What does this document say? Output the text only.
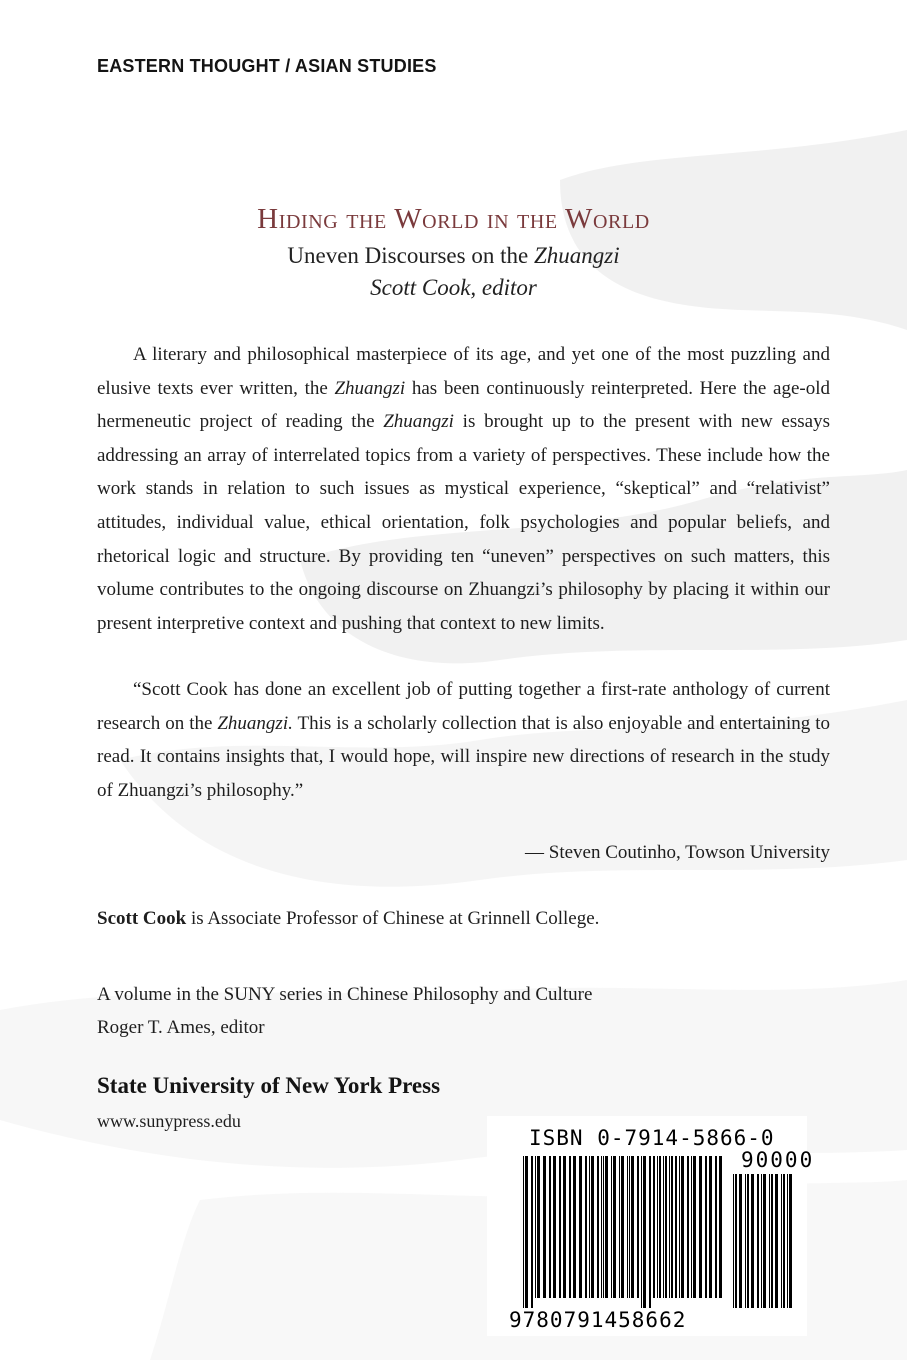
EASTERN THOUGHT / ASIAN STUDIES
Hiding the World in the World
Uneven Discourses on the Zhuangzi
Scott Cook, editor

A literary and philosophical masterpiece of its age, and yet one of the most puzzling and elusive texts ever written, the Zhuangzi has been continuously reinterpreted. Here the age-old hermeneutic project of reading the Zhuangzi is brought up to the present with new essays addressing an array of interrelated topics from a variety of perspectives. These include how the work stands in relation to such issues as mystical experience, “skeptical” and “relativist” attitudes, individual value, ethical orientation, folk psychologies and popular beliefs, and rhetorical logic and structure. By providing ten “uneven” perspectives on such matters, this volume contributes to the ongoing discourse on Zhuangzi’s philosophy by placing it within our present interpretive context and pushing that context to new limits.

“Scott Cook has done an excellent job of putting together a first-rate anthology of current research on the Zhuangzi. This is a scholarly collection that is also enjoyable and entertaining to read. It contains insights that, I would hope, will inspire new directions of research in the study of Zhuangzi’s philosophy.”

— Steven Coutinho, Towson University
Scott Cook is Associate Professor of Chinese at Grinnell College.
A volume in the SUNY series in Chinese Philosophy and Culture
Roger T. Ames, editor
State University of New York Press
www.sunypress.edu
ISBN 0-7914-5866-0
90000
9780791458662
